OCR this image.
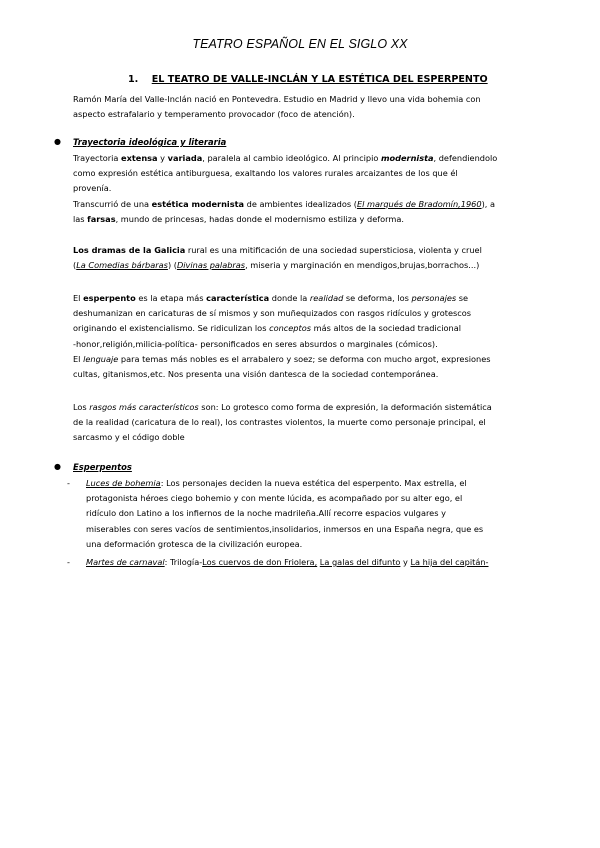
TEATRO ESPAÑOL EN EL SIGLO XX
1. EL TEATRO DE VALLE-INCLÁN Y LA ESTÉTICA DEL ESPERPENTO

Ramón María del Valle-Inclán nació en Pontevedra. Estudio en Madrid y llevo una vida bohemia con

aspecto estrafalario y temperamento provocador (foco de atención).

● Trayectoria ideológica y literaria

Trayectoria extensa y variada, paralela al cambio ideológico. Al principio modernista, defendiendolo

como expresión estética antiburguesa, exaltando los valores rurales arcaizantes de los que él

provenía.

Transcurrió de una estética modernista de ambientes idealizados (El marqués de Bradomín,1960), a

las farsas, mundo de princesas, hadas donde el modernismo estiliza y deforma.

Los dramas de la Galicia rural es una mitificación de una sociedad supersticiosa, violenta y cruel

(La Comedias bárbaras) (Divinas palabras, miseria y marginación en mendigos,brujas,borrachos...)

El esperpento es la etapa más característica donde la realidad se deforma, los personajes se

deshumanizan en caricaturas de sí mismos y son muñequizados con rasgos ridículos y grotescos

originando el existencialismo. Se ridiculizan los conceptos más altos de la sociedad tradicional

-honor,religión,milicia-política- personificados en seres absurdos o marginales (cómicos).

El lenguaje para temas más nobles es el arrabalero y soez; se deforma con mucho argot, expresiones

cultas, gitanismos,etc. Nos presenta una visión dantesca de la sociedad contemporánea.

Los rasgos más característicos son: Lo grotesco como forma de expresión, la deformación sistemática

de la realidad (caricatura de lo real), los contrastes violentos, la muerte como personaje principal, el

sarcasmo y el código doble

● Esperpentos
- Luces de bohemia: Los personajes deciden la nueva estética del esperpento. Max estrella, el

protagonista héroes ciego bohemio y con mente lúcida, es acompañado por su alter ego, el

ridículo don Latino a los infiernos de la noche madrileña.Allí recorre espacios vulgares y

miserables con seres vacíos de sentimientos,insolidarios, inmersos en una España negra, que es

una deformación grotesca de la civilización europea.

- Martes de carnaval: Trilogía-Los cuervos de don Friolera, La galas del difunto y La hija del capitán-
